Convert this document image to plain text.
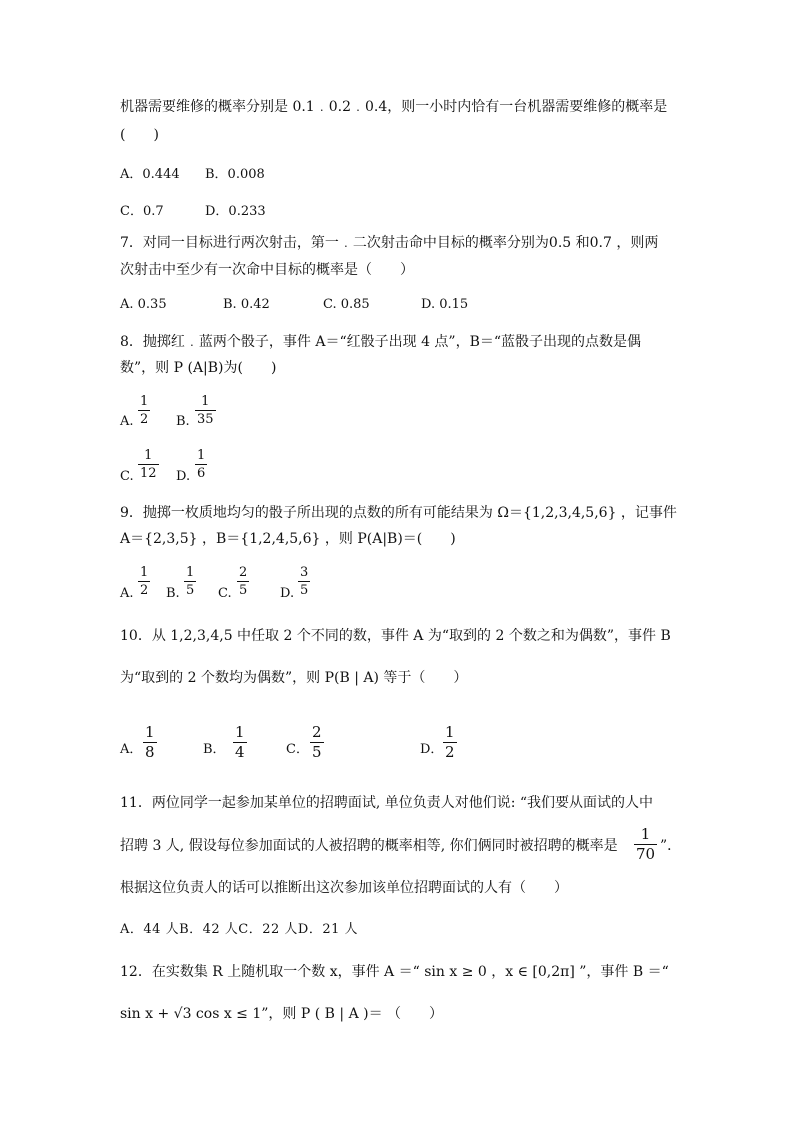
机器需要维修的概率分别是 0.1﹒0.2﹒0.4，则一小时内恰有一台机器需要维修的概率是
(　　)
A．0.444 B．0.008
C．0.7	D．0.233
7．对同一目标进行两次射击，第一﹒二次射击命中目标的概率分别为0.5 和0.7 ，则两
次射击中至少有一次命中目标的概率是（　　）
A. 0.35	B. 0.42	C. 0.85	D. 0.15
8．抛掷红﹒蓝两个骰子，事件 A＝“红骰子出现 4 点”，B＝“蓝骰子出现的点数是偶
数”，则 P (A|B)为(　　)
A.
1
2 B.
1
35
C.
1
12 D.
1
6
9．抛掷一枚质地均匀的骰子所出现的点数的所有可能结果为 Ω＝{1,2,3,4,5,6} ，记事件
A＝{2,3,5} ，B＝{1,2,4,5,6} ，则 P(A|B)＝(　　)
A.
1
2 B.
1
5 C.
2
5	D.
3
5
10．从 1,2,3,4,5 中任取 2 个不同的数，事件 A 为“取到的 2 个数之和为偶数”，事件 B
为“取到的 2 个数均为偶数”，则 P(B | A) 等于（　　）
A．
1
8	B．
1
4	C．
2
5	D．
1
2
11．两位同学一起参加某单位的招聘面试, 单位负责人对他们说: “我们要从面试的人中
招聘 3 人, 假设每位参加面试的人被招聘的概率相等, 你们俩同时被招聘的概率是
1
70 ”．
根据这位负责人的话可以推断出这次参加该单位招聘面试的人有（　　）
A．44 人B．42 人C．22 人D．21 人
12．在实数集 R 上随机取一个数 x，事件 A ＝“ sin x ≥ 0 ，x ∈ [0,2π] ”，事件 B ＝“
sin x + √3 cos x ≤ 1”，则 P ( B | A )＝ （　　）
